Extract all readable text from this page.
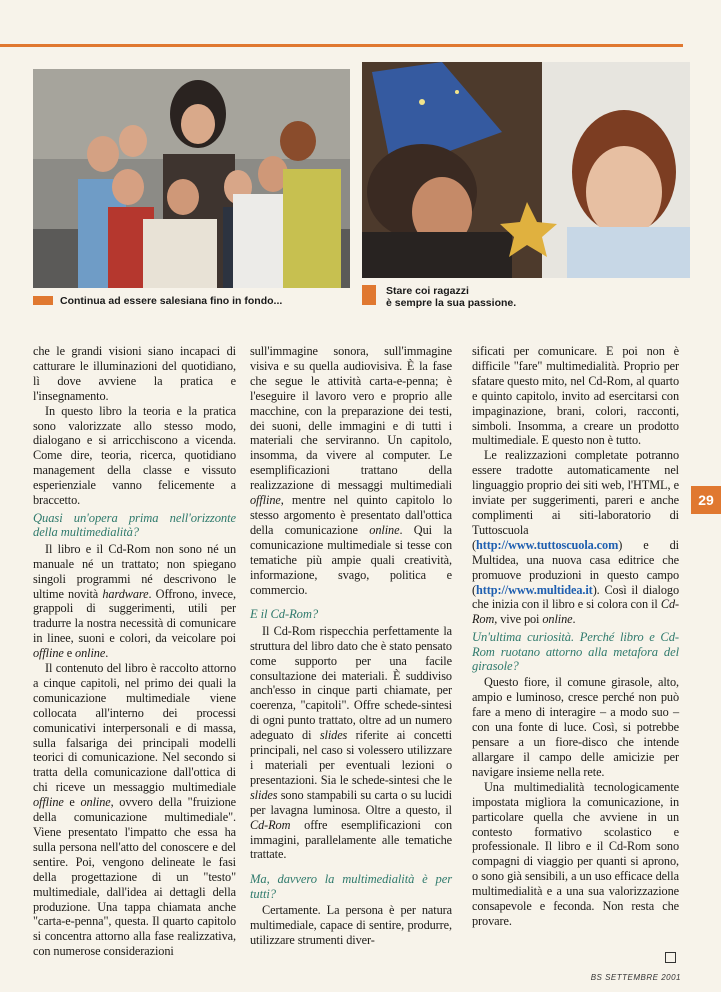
Continua ad essere salesiana fino in fondo...
Stare coi ragazzi
è sempre la sua passione.

che le grandi visioni siano incapaci di catturare le illuminazioni del quotidiano, lì dove avviene la pratica e l'insegnamento.

In questo libro la teoria e la pratica sono valorizzate allo stesso modo, dialogano e si arricchiscono a vicenda. Come dire, teoria, ricerca, quotidiano management della classe e vissuto esperienziale vanno felicemente a braccetto.

Quasi un'opera prima nell'orizzonte della multimedialità?

Il libro e il Cd-Rom non sono né un manuale né un trattato; non spiegano singoli programmi né descrivono le ultime novità hardware. Offrono, invece, grappoli di suggerimenti, utili per tradurre la nostra necessità di comunicare in linee, suoni e colori, da veicolare poi offline e online.

Il contenuto del libro è raccolto attorno a cinque capitoli, nel primo dei quali la comunicazione multimediale viene collocata all'interno dei processi comunicativi interpersonali e di massa, sulla falsariga dei principali modelli teorici di comunicazione. Nel secondo si tratta della comunicazione dall'ottica di chi riceve un messaggio multimediale offline e online, ovvero della "fruizione della comunicazione multimediale". Viene presentato l'impatto che essa ha sulla persona nell'atto del conoscere e del sentire. Poi, vengono delineate le fasi della progettazione di un "testo" multimediale, dall'idea ai dettagli della produzione. Una tappa chiamata anche "carta-e-penna", questa. Il quarto capitolo si concentra attorno alla fase realizzativa, con numerose considerazioni

sull'immagine sonora, sull'immagine visiva e su quella audiovisiva. È la fase che segue le attività carta-e-penna; è l'eseguire il lavoro vero e proprio alle macchine, con la preparazione dei testi, dei suoni, delle immagini e di tutti i materiali che serviranno. Un capitolo, insomma, da vivere al computer. Le esemplificazioni trattano della realizzazione di messaggi multimediali offline, mentre nel quinto capitolo lo stesso argomento è presentato dall'ottica della comunicazione online. Qui la comunicazione multimediale si tesse con tematiche più ampie quali creatività, informazione, svago, politica e commercio.

E il Cd-Rom?

Il Cd-Rom rispecchia perfettamente la struttura del libro dato che è stato pensato come supporto per una facile consultazione dei materiali. È suddiviso anch'esso in cinque parti chiamate, per coerenza, "capitoli". Offre schede-sintesi di ogni punto trattato, oltre ad un numero adeguato di slides riferite ai concetti principali, nel caso si volessero utilizzare i materiali per eventuali lezioni o presentazioni. Sia le schede-sintesi che le slides sono stampabili su carta o su lucidi per lavagna luminosa. Oltre a questo, il Cd-Rom offre esemplificazioni con immagini, parallelamente alle tematiche trattate.

Ma, davvero la multimedialità è per tutti?

Certamente. La persona è per natura multimediale, capace di sentire, produrre, utilizzare strumenti diver-

sificati per comunicare. E poi non è difficile "fare" multimedialità. Proprio per sfatare questo mito, nel Cd-Rom, al quarto e quinto capitolo, invito ad esercitarsi con impaginazione, brani, colori, racconti, simboli. Insomma, a creare un prodotto multimediale. E questo non è tutto.

Le realizzazioni completate potranno essere tradotte automaticamente nel linguaggio proprio dei siti web, l'HTML, e inviate per suggerimenti, pareri e anche complimenti ai siti-laboratorio di Tuttoscuola (http://www.tuttoscuola.com) e di Multidea, una nuova casa editrice che promuove produzioni in questo campo (http://www.multidea.it). Così il dialogo che inizia con il libro e si colora con il Cd-Rom, vive poi online.

Un'ultima curiosità. Perché libro e Cd-Rom ruotano attorno alla metafora del girasole?

Questo fiore, il comune girasole, alto, ampio e luminoso, cresce perché non può fare a meno di interagire – a modo suo – con una fonte di luce. Così, si potrebbe pensare a un fiore-disco che intende allargare il campo delle amicizie per navigare insieme nella rete.

Una multimedialità tecnologicamente impostata migliora la comunicazione, in particolare quella che avviene in un contesto formativo scolastico e professionale. Il libro e il Cd-Rom sono compagni di viaggio per quanti si aprono, o sono già sensibili, a un uso efficace della multimedialità e a una sua valorizzazione consapevole e feconda. Non resta che provare.

29
BS SETTEMBRE 2001
